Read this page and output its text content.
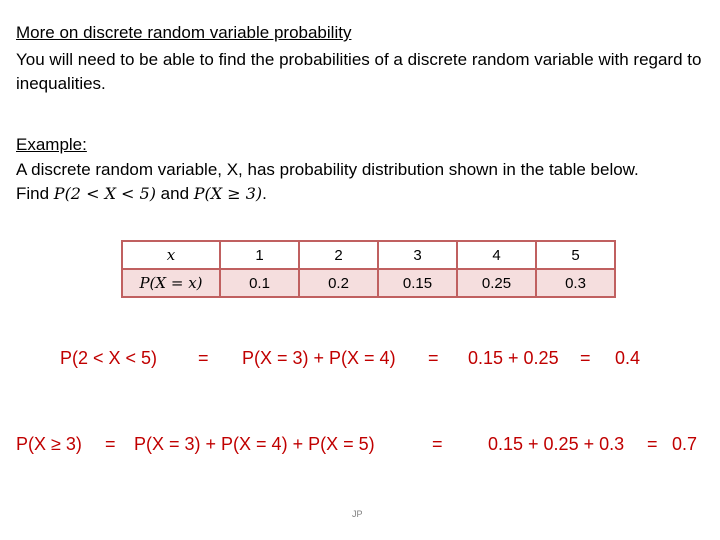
More on discrete random variable probability
You will need to be able to find the probabilities of a discrete random variable with regard to inequalities.
Example:
A discrete random variable, X, has probability distribution shown in the table below.
Find P(2 < X < 5) and P(X ≥ 3).
x	1	2	3	4	5
P(X = x)	0.1	0.2	0.15	0.25	0.3
P(2 < X < 5) = P(X = 3) + P(X = 4) = 0.15 + 0.25 = 0.4
P(X ≥ 3) = P(X = 3) + P(X = 4) + P(X = 5)	=	0.15 + 0.25 + 0.3 = 0.7
JP
